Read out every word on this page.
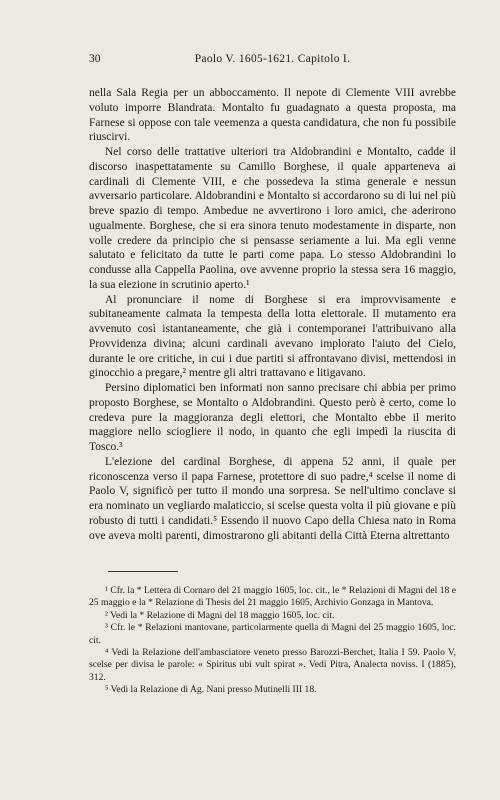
30	Paolo V. 1605-1621. Capitolo I.

nella Sala Regia per un abboccamento. Il nepote di Clemente VIII avrebbe voluto imporre Blandrata. Montalto fu guadagnato a questa proposta, ma Farnese si oppose con tale veemenza a questa candidatura, che non fu possibile riuscirvi.

Nel corso delle trattative ulteriori tra Aldobrandini e Montalto, cadde il discorso inaspettatamente su Camillo Borghese, il quale apparteneva ai cardinali di Clemente VIII, e che possedeva la stima generale e nessun avversario particolare. Aldobrandini e Montalto si accordarono su di lui nel più breve spazio di tempo. Ambedue ne avvertirono i loro amici, che aderirono ugualmente. Borghese, che si era sinora tenuto modestamente in disparte, non volle credere da principio che si pensasse seriamente a lui. Ma egli venne salutato e felicitato da tutte le parti come papa. Lo stesso Aldobrandini lo condusse alla Cappella Paolina, ove avvenne proprio la stessa sera 16 maggio, la sua elezione in scrutinio aperto.¹

Al pronunciare il nome di Borghese si era improvvisamente e subitaneamente calmata la tempesta della lotta elettorale. Il mutamento era avvenuto così istantaneamente, che già i contemporanei l'attribuivano alla Provvidenza divina; alcuni cardinali avevano implorato l'aiuto del Cielo, durante le ore critiche, in cui i due partiti si affrontavano divisi, mettendosi in ginocchio a pregare,² mentre gli altri trattavano e litigavano.

Persino diplomatici ben informati non sanno precisare chi abbia per primo proposto Borghese, se Montalto o Aldobrandini. Questo però è certo, come lo credeva pure la maggioranza degli elettori, che Montalto ebbe il merito maggiore nello sciogliere il nodo, in quanto che egli impedì la riuscita di Tosco.³

L'elezione del cardinal Borghese, di appena 52 anni, il quale per riconoscenza verso il papa Farnese, protettore di suo padre,⁴ scelse il nome di Paolo V, significò per tutto il mondo una sorpresa. Se nell'ultimo conclave si era nominato un vegliardo malaticcio, si scelse questa volta il più giovane e più robusto di tutti i candidati.⁵ Essendo il nuovo Capo della Chiesa nato in Roma ove aveva molti parenti, dimostrarono gli abitanti della Città Eterna altrettanto

¹ Cfr. la * Lettera di Cornaro del 21 maggio 1605, loc. cit., le * Relazioni di Magni del 18 e 25 maggio e la * Relazione di Thesis del 21 maggio 1605, Archivio Gonzaga in Mantova.

² Vedi la * Relazione di Magni del 18 maggio 1605, loc. cit.

³ Cfr. le * Relazioni mantovane, particolarmente quella di Magni del 25 maggio 1605, loc. cit.

⁴ Vedi la Relazione dell'ambasciatore veneto presso Barozzi-Berchet, Italia I 59. Paolo V, scelse per divisa le parole: « Spiritus ubi vult spirat ». Vedi Pitra, Analecta noviss. I (1885), 312.

⁵ Vedi la Relazione di Ag. Nani presso Mutinelli III 18.
